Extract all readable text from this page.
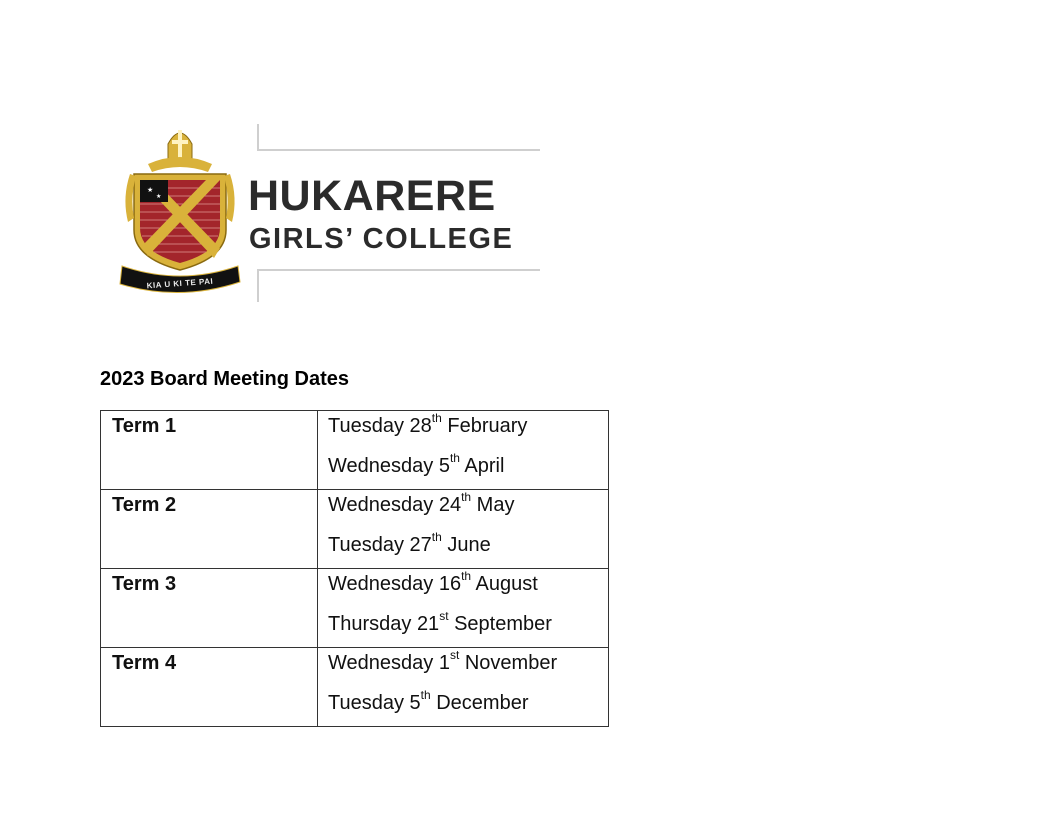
★
★
KIA U KI TE PAI
HUKARERE
GIRLS’ COLLEGE
2023 Board Meeting Dates
Term 1	Tuesday 28th February
Wednesday 5th April

Term 2	Wednesday 24th May
Tuesday 27th June

Term 3	Wednesday 16th August
Thursday 21st September

Term 4	Wednesday 1st November
Tuesday 5th December
